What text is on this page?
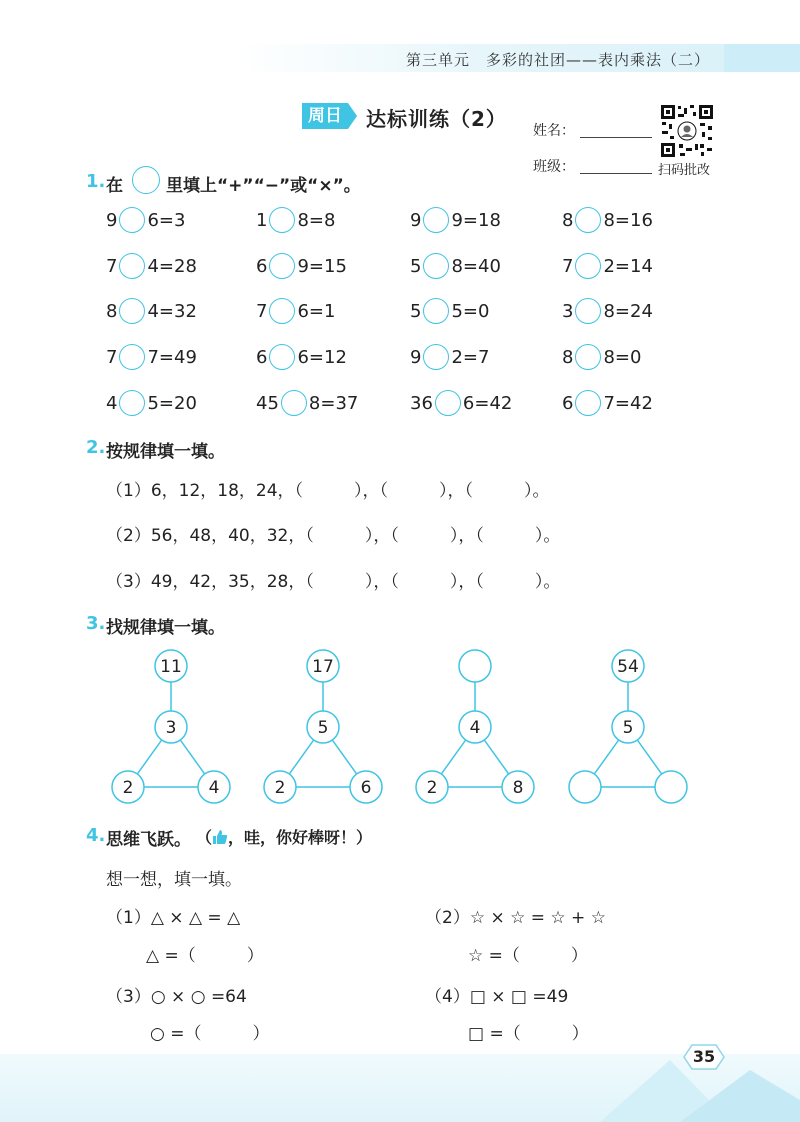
第三单元　多彩的社团——表内乘法（二）
周日	达标训练（2） 姓名：
班级：	扫码批改
1. 在	里填上“+”“−”或“×”。
9 6=3	1 8=8	9 9=18	8 8=16
7 4=28	6 9=15	5 8=40	7 2=14
8 4=32	7 6=1	5 5=0	3 8=24
7 7=49	6 6=12	9 2=7	8 8=0
4 5=20	45 8=37	36 6=42	6 7=42
2. 按规律填一填。
（1）6，12，18，24，（　　　），（　　　），（　　　）。
（2）56，48，40，32，（　　　），（　　　），（　　　）。
（3）49，42，35，28，（　　　），（　　　），（　　　）。
3. 找规律填一填。
11
3
2	4
17
5
2	6
4
2	8
54
5
4. 思维飞跃。 （ ， 哇，你好棒呀！ ）
想一想，填一填。
（1）△ × △ = △
△ =（　　　）
（2）☆ × ☆ = ☆ + ☆
☆ =（　　　）
（3）○ × ○ =64
○ =（　　　）
（4）□ × □ =49
□ =（　　　）
35
